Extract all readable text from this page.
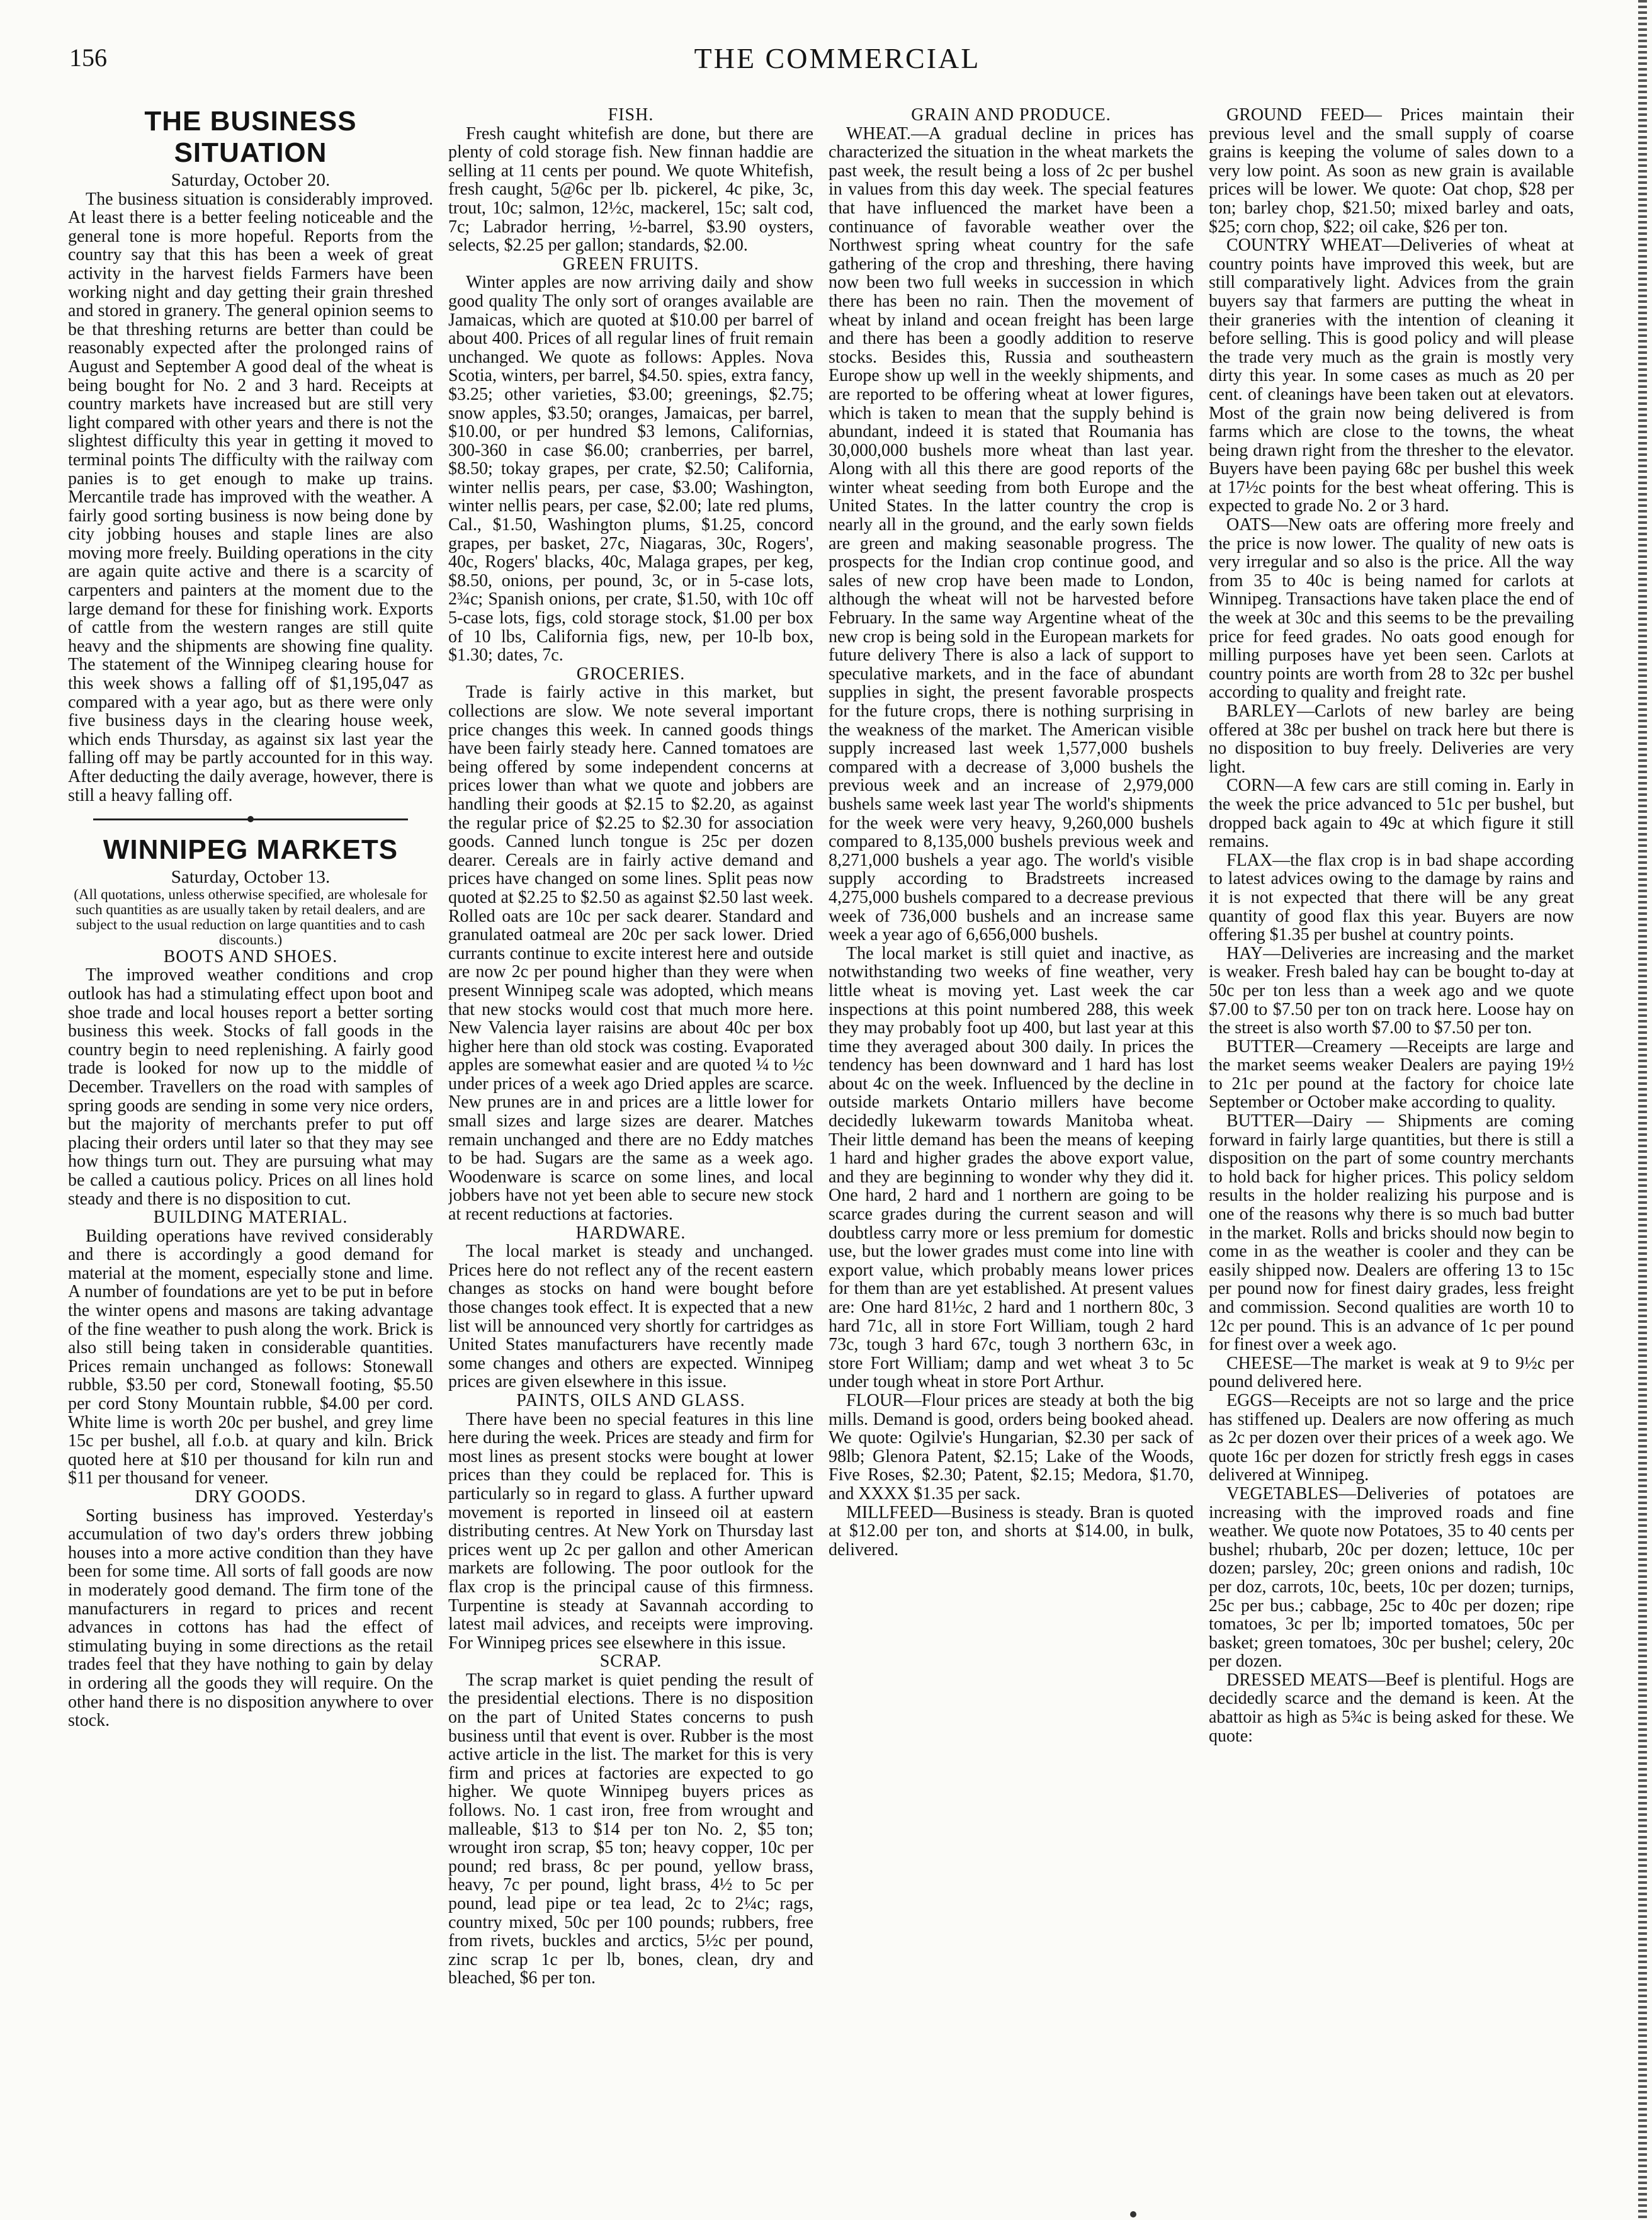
156	THE COMMERCIAL
THE BUSINESS SITUATION

Saturday, October 20.

The business situation is considerably improved. At least there is a better feeling noticeable and the general tone is more hopeful. Reports from the country say that this has been a week of great activity in the harvest fields Farmers have been working night and day getting their grain threshed and stored in granery. The general opinion seems to be that threshing returns are better than could be reasonably expected after the prolonged rains of August and September A good deal of the wheat is being bought for No. 2 and 3 hard. Receipts at country markets have increased but are still very light compared with other years and there is not the slightest difficulty this year in getting it moved to terminal points The difficulty with the railway com panies is to get enough to make up trains. Mercantile trade has improved with the weather. A fairly good sorting business is now being done by city jobbing houses and staple lines are also moving more freely. Building operations in the city are again quite active and there is a scarcity of carpenters and painters at the moment due to the large demand for these for finishing work. Exports of cattle from the western ranges are still quite heavy and the shipments are showing fine quality. The statement of the Winnipeg clearing house for this week shows a falling off of $1,195,047 as compared with a year ago, but as there were only five business days in the clearing house week, which ends Thursday, as against six last year the falling off may be partly accounted for in this way. After deducting the daily average, however, there is still a heavy falling off.

WINNIPEG MARKETS

Saturday, October 13.

(All quotations, unless otherwise specified, are wholesale for such quantities as are usually taken by retail dealers, and are subject to the usual reduction on large quantities and to cash discounts.)

BOOTS AND SHOES.

The improved weather conditions and crop outlook has had a stimulating effect upon boot and shoe trade and local houses report a better sorting business this week. Stocks of fall goods in the country begin to need replenishing. A fairly good trade is looked for now up to the middle of December. Travellers on the road with samples of spring goods are sending in some very nice orders, but the majority of merchants prefer to put off placing their orders until later so that they may see how things turn out. They are pursuing what may be called a cautious policy. Prices on all lines hold steady and there is no disposition to cut.

BUILDING MATERIAL.

Building operations have revived considerably and there is accordingly a good demand for material at the moment, especially stone and lime. A number of foundations are yet to be put in before the winter opens and masons are taking advantage of the fine weather to push along the work. Brick is also still being taken in considerable quantities. Prices remain unchanged as follows: Stonewall rubble, $3.50 per cord, Stonewall footing, $5.50 per cord Stony Mountain rubble, $4.00 per cord. White lime is worth 20c per bushel, and grey lime 15c per bushel, all f.o.b. at quary and kiln. Brick quoted here at $10 per thousand for kiln run and $11 per thousand for veneer.

DRY GOODS.

Sorting business has improved. Yesterday's accumulation of two day's orders threw jobbing houses into a more active condition than they have been for some time. All sorts of fall goods are now in moderately good demand. The firm tone of the manufacturers in regard to prices and recent advances in cottons has had the effect of stimulating buying in some directions as the retail trades feel that they have nothing to gain by delay in ordering all the goods they will require. On the other hand there is no disposition anywhere to over stock.

FISH.

Fresh caught whitefish are done, but there are plenty of cold storage fish. New finnan haddie are selling at 11 cents per pound. We quote Whitefish, fresh caught, 5@6c per lb. pickerel, 4c pike, 3c, trout, 10c; salmon, 12½c, mackerel, 15c; salt cod, 7c; Labrador herring, ½-barrel, $3.90 oysters, selects, $2.25 per gallon; standards, $2.00.

GREEN FRUITS.

Winter apples are now arriving daily and show good quality The only sort of oranges available are Jamaicas, which are quoted at $10.00 per barrel of about 400. Prices of all regular lines of fruit remain unchanged. We quote as follows: Apples. Nova Scotia, winters, per barrel, $4.50. spies, extra fancy, $3.25; other varieties, $3.00; greenings, $2.75; snow apples, $3.50; oranges, Jamaicas, per barrel, $10.00, or per hundred $3 lemons, Californias, 300-360 in case $6.00; cranberries, per barrel, $8.50; tokay grapes, per crate, $2.50; California, winter nellis pears, per case, $3.00; Washington, winter nellis pears, per case, $2.00; late red plums, Cal., $1.50, Washington plums, $1.25, concord grapes, per basket, 27c, Niagaras, 30c, Rogers', 40c, Rogers' blacks, 40c, Malaga grapes, per keg, $8.50, onions, per pound, 3c, or in 5-case lots, 2¾c; Spanish onions, per crate, $1.50, with 10c off 5-case lots, figs, cold storage stock, $1.00 per box of 10 lbs, California figs, new, per 10-lb box, $1.30; dates, 7c.

GROCERIES.

Trade is fairly active in this market, but collections are slow. We note several important price changes this week. In canned goods things have been fairly steady here. Canned tomatoes are being offered by some independent concerns at prices lower than what we quote and jobbers are handling their goods at $2.15 to $2.20, as against the regular price of $2.25 to $2.30 for association goods. Canned lunch tongue is 25c per dozen dearer. Cereals are in fairly active demand and prices have changed on some lines. Split peas now quoted at $2.25 to $2.50 as against $2.50 last week. Rolled oats are 10c per sack dearer. Standard and granulated oatmeal are 20c per sack lower. Dried currants continue to excite interest here and outside are now 2c per pound higher than they were when present Winnipeg scale was adopted, which means that new stocks would cost that much more here. New Valencia layer raisins are about 40c per box higher here than old stock was costing. Evaporated apples are somewhat easier and are quoted ¼ to ½c under prices of a week ago Dried apples are scarce. New prunes are in and prices are a little lower for small sizes and large sizes are dearer. Matches remain unchanged and there are no Eddy matches to be had. Sugars are the same as a week ago. Woodenware is scarce on some lines, and local jobbers have not yet been able to secure new stock at recent reductions at factories.

HARDWARE.

The local market is steady and unchanged. Prices here do not reflect any of the recent eastern changes as stocks on hand were bought before those changes took effect. It is expected that a new list will be announced very shortly for cartridges as United States manufacturers have recently made some changes and others are expected. Winnipeg prices are given elsewhere in this issue.

PAINTS, OILS AND GLASS.

There have been no special features in this line here during the week. Prices are steady and firm for most lines as present stocks were bought at lower prices than they could be replaced for. This is particularly so in regard to glass. A further upward movement is reported in linseed oil at eastern distributing centres. At New York on Thursday last prices went up 2c per gallon and other American markets are following. The poor outlook for the flax crop is the principal cause of this firmness. Turpentine is steady at Savannah according to latest mail advices, and receipts were improving. For Winnipeg prices see elsewhere in this issue.

SCRAP.

The scrap market is quiet pending the result of the presidential elections. There is no disposition on the part of United States concerns to push business until that event is over. Rubber is the most active article in the list. The market for this is very firm and prices at factories are expected to go higher. We quote Winnipeg buyers prices as follows. No. 1 cast iron, free from wrought and malleable, $13 to $14 per ton No. 2, $5 ton; wrought iron scrap, $5 ton; heavy copper, 10c per pound; red brass, 8c per pound, yellow brass, heavy, 7c per pound, light brass, 4½ to 5c per pound, lead pipe or tea lead, 2c to 2¼c; rags, country mixed, 50c per 100 pounds; rubbers, free from rivets, buckles and arctics, 5½c per pound, zinc scrap 1c per lb, bones, clean, dry and bleached, $6 per ton.

GRAIN AND PRODUCE.

WHEAT.—A gradual decline in prices has characterized the situation in the wheat markets the past week, the result being a loss of 2c per bushel in values from this day week. The special features that have influenced the market have been a continuance of favorable weather over the Northwest spring wheat country for the safe gathering of the crop and threshing, there having now been two full weeks in succession in which there has been no rain. Then the movement of wheat by inland and ocean freight has been large and there has been a goodly addition to reserve stocks. Besides this, Russia and southeastern Europe show up well in the weekly shipments, and are reported to be offering wheat at lower figures, which is taken to mean that the supply behind is abundant, indeed it is stated that Roumania has 30,000,000 bushels more wheat than last year. Along with all this there are good reports of the winter wheat seeding from both Europe and the United States. In the latter country the crop is nearly all in the ground, and the early sown fields are green and making seasonable progress. The prospects for the Indian crop continue good, and sales of new crop have been made to London, although the wheat will not be harvested before February. In the same way Argentine wheat of the new crop is being sold in the European markets for future delivery There is also a lack of support to speculative markets, and in the face of abundant supplies in sight, the present favorable prospects for the future crops, there is nothing surprising in the weakness of the market. The American visible supply increased last week 1,577,000 bushels compared with a decrease of 3,000 bushels the previous week and an increase of 2,979,000 bushels same week last year The world's shipments for the week were very heavy, 9,260,000 bushels compared to 8,135,000 bushels previous week and 8,271,000 bushels a year ago. The world's visible supply according to Bradstreets increased 4,275,000 bushels compared to a decrease previous week of 736,000 bushels and an increase same week a year ago of 6,656,000 bushels.

The local market is still quiet and inactive, as notwithstanding two weeks of fine weather, very little wheat is moving yet. Last week the car inspections at this point numbered 288, this week they may probably foot up 400, but last year at this time they averaged about 300 daily. In prices the tendency has been downward and 1 hard has lost about 4c on the week. Influenced by the decline in outside markets Ontario millers have become decidedly lukewarm towards Manitoba wheat. Their little demand has been the means of keeping 1 hard and higher grades the above export value, and they are beginning to wonder why they did it. One hard, 2 hard and 1 northern are going to be scarce grades during the current season and will doubtless carry more or less premium for domestic use, but the lower grades must come into line with export value, which probably means lower prices for them than are yet established. At present values are: One hard 81½c, 2 hard and 1 northern 80c, 3 hard 71c, all in store Fort William, tough 2 hard 73c, tough 3 hard 67c, tough 3 northern 63c, in store Fort William; damp and wet wheat 3 to 5c under tough wheat in store Port Arthur.

FLOUR—Flour prices are steady at both the big mills. Demand is good, orders being booked ahead. We quote: Ogilvie's Hungarian, $2.30 per sack of 98lb; Glenora Patent, $2.15; Lake of the Woods, Five Roses, $2.30; Patent, $2.15; Medora, $1.70, and XXXX $1.35 per sack.

MILLFEED—Business is steady. Bran is quoted at $12.00 per ton, and shorts at $14.00, in bulk, delivered.

GROUND FEED— Prices maintain their previous level and the small supply of coarse grains is keeping the volume of sales down to a very low point. As soon as new grain is available prices will be lower. We quote: Oat chop, $28 per ton; barley chop, $21.50; mixed barley and oats, $25; corn chop, $22; oil cake, $26 per ton.

COUNTRY WHEAT—Deliveries of wheat at country points have improved this week, but are still comparatively light. Advices from the grain buyers say that farmers are putting the wheat in their graneries with the intention of cleaning it before selling. This is good policy and will please the trade very much as the grain is mostly very dirty this year. In some cases as much as 20 per cent. of cleanings have been taken out at elevators. Most of the grain now being delivered is from farms which are close to the towns, the wheat being drawn right from the thresher to the elevator. Buyers have been paying 68c per bushel this week at 17½c points for the best wheat offering. This is expected to grade No. 2 or 3 hard.

OATS—New oats are offering more freely and the price is now lower. The quality of new oats is very irregular and so also is the price. All the way from 35 to 40c is being named for carlots at Winnipeg. Transactions have taken place the end of the week at 30c and this seems to be the prevailing price for feed grades. No oats good enough for milling purposes have yet been seen. Carlots at country points are worth from 28 to 32c per bushel according to quality and freight rate.

BARLEY—Carlots of new barley are being offered at 38c per bushel on track here but there is no disposition to buy freely. Deliveries are very light.

CORN—A few cars are still coming in. Early in the week the price advanced to 51c per bushel, but dropped back again to 49c at which figure it still remains.

FLAX—the flax crop is in bad shape according to latest advices owing to the damage by rains and it is not expected that there will be any great quantity of good flax this year. Buyers are now offering $1.35 per bushel at country points.

HAY—Deliveries are increasing and the market is weaker. Fresh baled hay can be bought to-day at 50c per ton less than a week ago and we quote $7.00 to $7.50 per ton on track here. Loose hay on the street is also worth $7.00 to $7.50 per ton.

BUTTER—Creamery —Receipts are large and the market seems weaker Dealers are paying 19½ to 21c per pound at the factory for choice late September or October make according to quality.

BUTTER—Dairy — Shipments are coming forward in fairly large quantities, but there is still a disposition on the part of some country merchants to hold back for higher prices. This policy seldom results in the holder realizing his purpose and is one of the reasons why there is so much bad butter in the market. Rolls and bricks should now begin to come in as the weather is cooler and they can be easily shipped now. Dealers are offering 13 to 15c per pound now for finest dairy grades, less freight and commission. Second qualities are worth 10 to 12c per pound. This is an advance of 1c per pound for finest over a week ago.

CHEESE—The market is weak at 9 to 9½c per pound delivered here.

EGGS—Receipts are not so large and the price has stiffened up. Dealers are now offering as much as 2c per dozen over their prices of a week ago. We quote 16c per dozen for strictly fresh eggs in cases delivered at Winnipeg.

VEGETABLES—Deliveries of potatoes are increasing with the improved roads and fine weather. We quote now Potatoes, 35 to 40 cents per bushel; rhubarb, 20c per dozen; lettuce, 10c per dozen; parsley, 20c; green onions and radish, 10c per doz, carrots, 10c, beets, 10c per dozen; turnips, 25c per bus.; cabbage, 25c to 40c per dozen; ripe tomatoes, 3c per lb; imported tomatoes, 50c per basket; green tomatoes, 30c per bushel; celery, 20c per dozen.

DRESSED MEATS—Beef is plentiful. Hogs are decidedly scarce and the demand is keen. At the abattoir as high as 5¾c is being asked for these. We quote:
